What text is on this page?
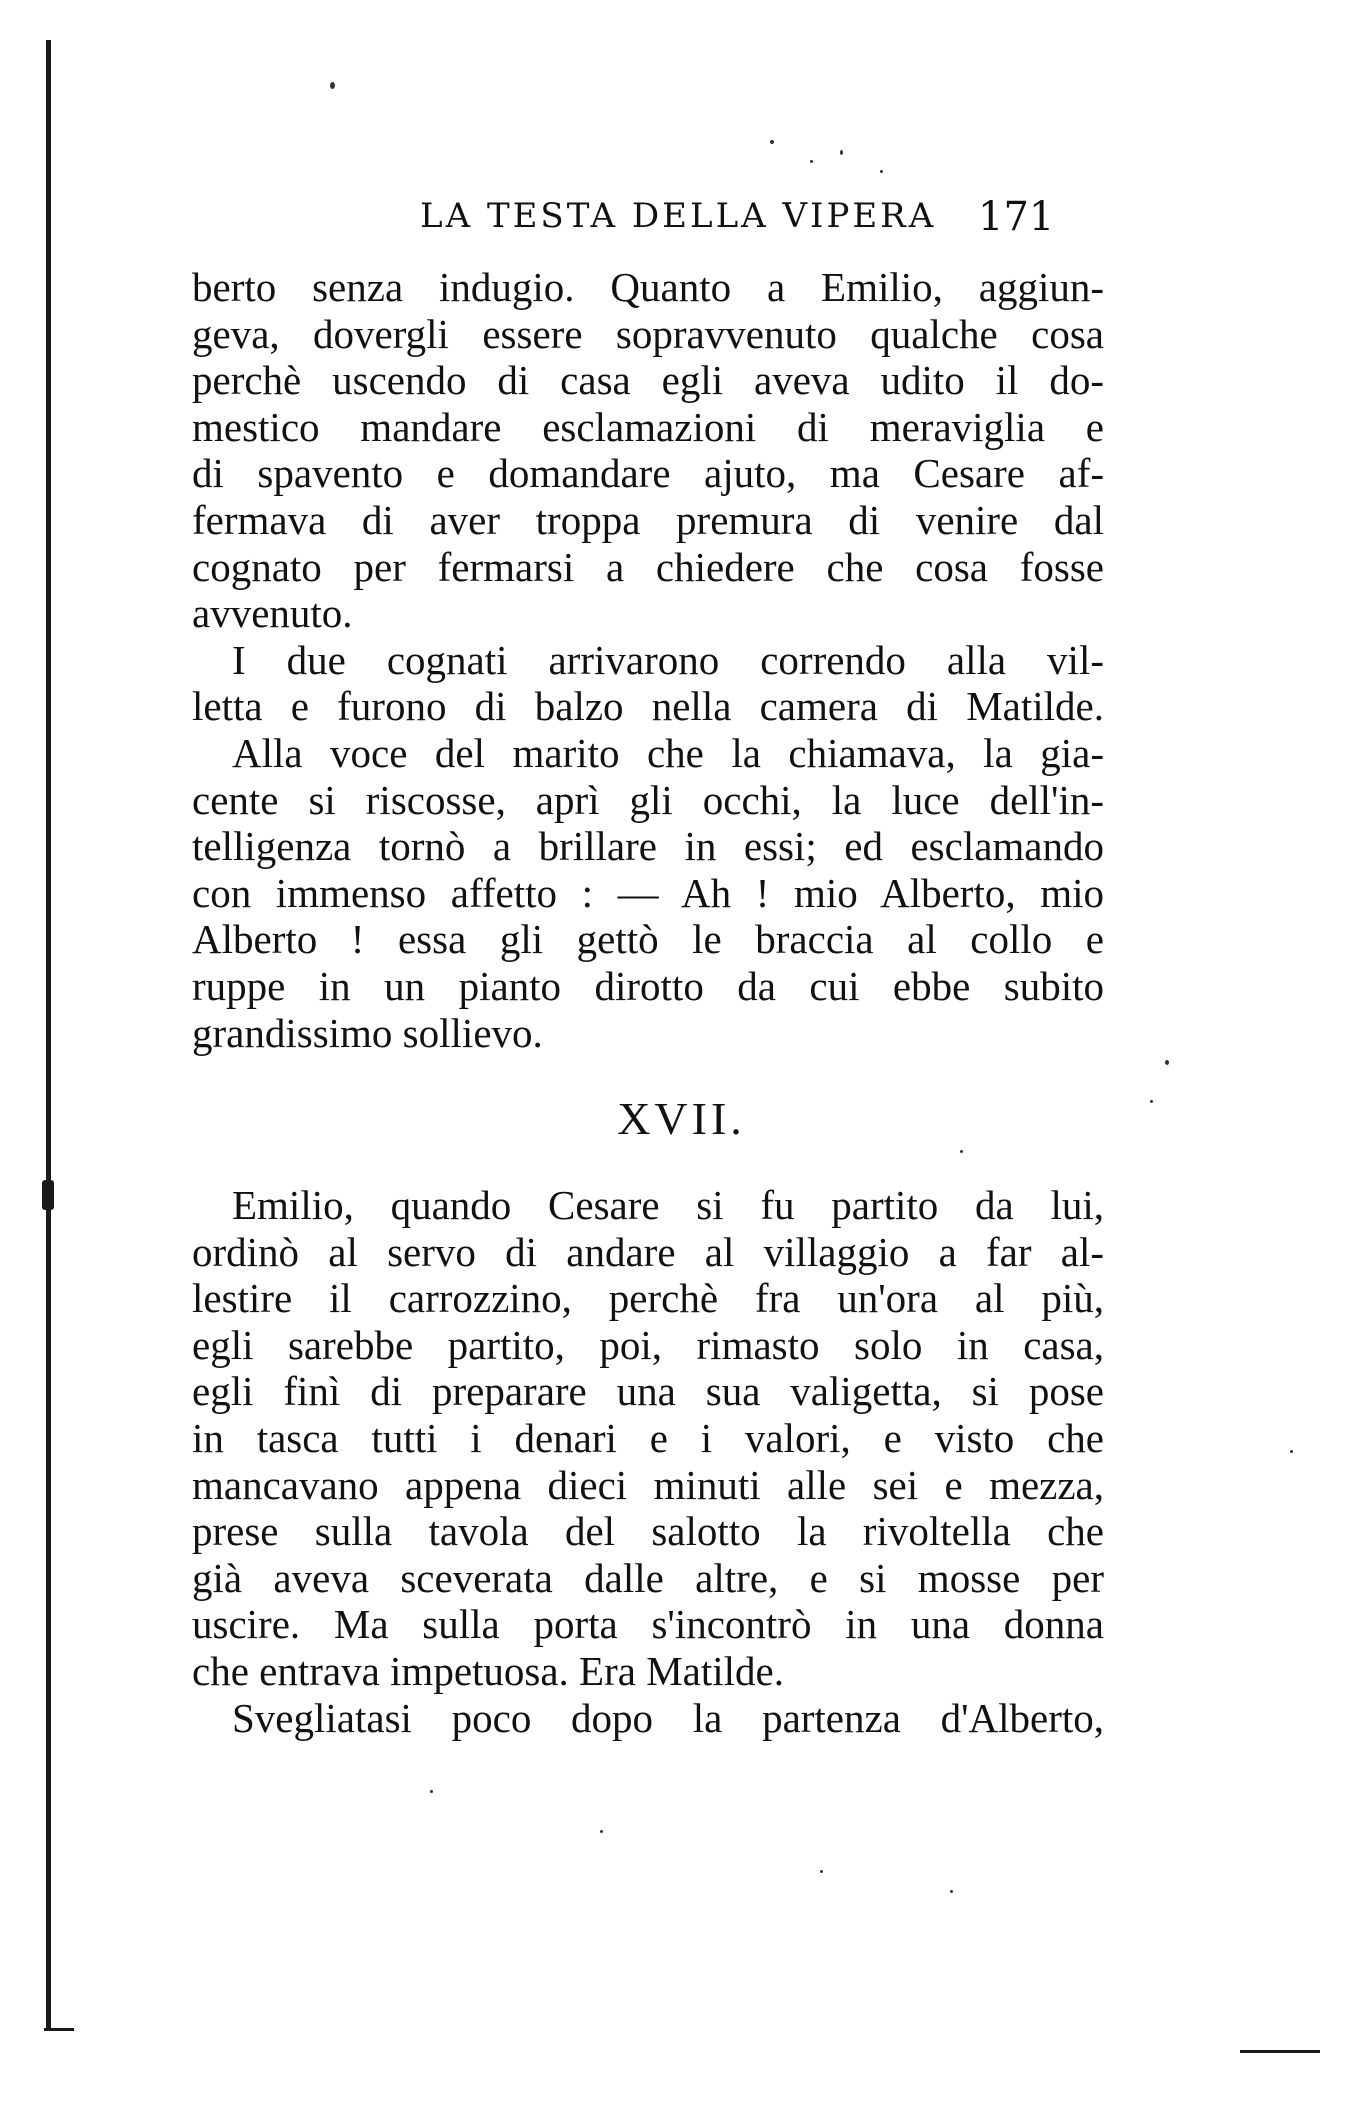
LA TESTA DELLA VIPERA 171
berto senza indugio. Quanto a Emilio, aggiun-
geva, dovergli essere sopravvenuto qualche cosa
perchè uscendo di casa egli aveva udito il do-
mestico mandare esclamazioni di meraviglia e
di spavento e domandare ajuto, ma Cesare af-
fermava di aver troppa premura di venire dal
cognato per fermarsi a chiedere che cosa fosse
avvenuto.
I due cognati arrivarono correndo alla vil-
letta e furono di balzo nella camera di Matilde.
Alla voce del marito che la chiamava, la gia-
cente si riscosse, aprì gli occhi, la luce dell'in-
telligenza tornò a brillare in essi; ed esclamando
con immenso affetto : — Ah ! mio Alberto, mio
Alberto ! essa gli gettò le braccia al collo e
ruppe in un pianto dirotto da cui ebbe subito
grandissimo sollievo.
XVII.
Emilio, quando Cesare si fu partito da lui,
ordinò al servo di andare al villaggio a far al-
lestire il carrozzino, perchè fra un'ora al più,
egli sarebbe partito, poi, rimasto solo in casa,
egli finì di preparare una sua valigetta, si pose
in tasca tutti i denari e i valori, e visto che
mancavano appena dieci minuti alle sei e mezza,
prese sulla tavola del salotto la rivoltella che
già aveva sceverata dalle altre, e si mosse per
uscire. Ma sulla porta s'incontrò in una donna
che entrava impetuosa. Era Matilde.
Svegliatasi poco dopo la partenza d'Alberto,
